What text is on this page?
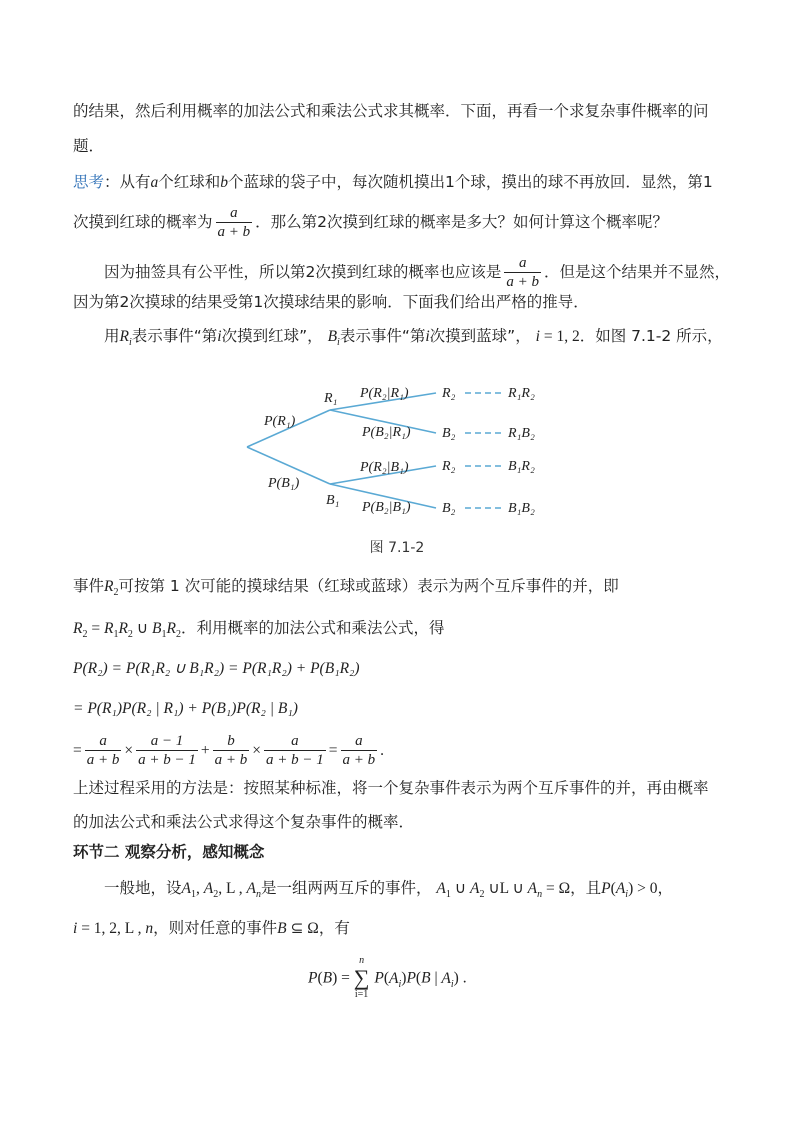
的结果，然后利用概率的加法公式和乘法公式求其概率．下面，再看一个求复杂事件概率的问
题．
思考：从有a个红球和b个蓝球的袋子中，每次随机摸出1个球，摸出的球不再放回．显然，第1
次摸到红球的概率为 $\frac{a}{a + b}$ ．那么第2次摸到红球的概率是多大？如何计算这个概率呢？
因为抽签具有公平性，所以第2次摸到红球的概率也应该是 $\frac{a}{a + b}$ ．但是这个结果并不显然，
因为第2次摸球的结果受第1次摸球结果的影响．下面我们给出严格的推导．
用$R_i$表示事件“第i次摸到红球”， $B_i$表示事件“第i次摸到蓝球”， i = 1, 2．如图 7.1-2 所示，
P(R₁)
P(B₁)
R₁
B₁
P(R₂|R₁)
P(B₂|R₁)
P(R₂|B₁)
P(B₂|B₁)
R₂
B₂
R₂
B₂
R₁R₂
R₁B₂
B₁R₂
B₁B₂
图 7.1-2
事件$R_2$可按第 1 次可能的摸球结果（红球或蓝球）表示为两个互斥事件的并，即
$R_2 = R_1R_2$ ∪ $B_1R_2$．利用概率的加法公式和乘法公式，得
P(R₂) = P(R₁R₂ ∪ B₁R₂) = P(R₁R₂) + P(B₁R₂)
= P(R₁)P(R₂ | R₁) + P(B₁)P(R₂ | B₁)
= $\frac{a}{a + b} \times \frac{a - 1}{a + b - 1} + \frac{b}{a + b} \times \frac{a}{a + b - 1} = \frac{a}{a + b}$ .
上述过程采用的方法是：按照某种标准，将一个复杂事件表示为两个互斥事件的并，再由概率
的加法公式和乘法公式求得这个复杂事件的概率．
环节二 观察分析，感知概念
一般地，设$A_1$, $A_2$, L , $A_n$是一组两两互斥的事件， $A_1$ ∪ $A_2$ ∪L ∪ $A_n = \Omega$，且$P(A_i) > 0$，
i = 1, 2, L , n，则对任意的事件B ⊆ Ω，有
P(B) =
n
∑
i=1
$P(A_i)P(B$ | $A_i$) .
